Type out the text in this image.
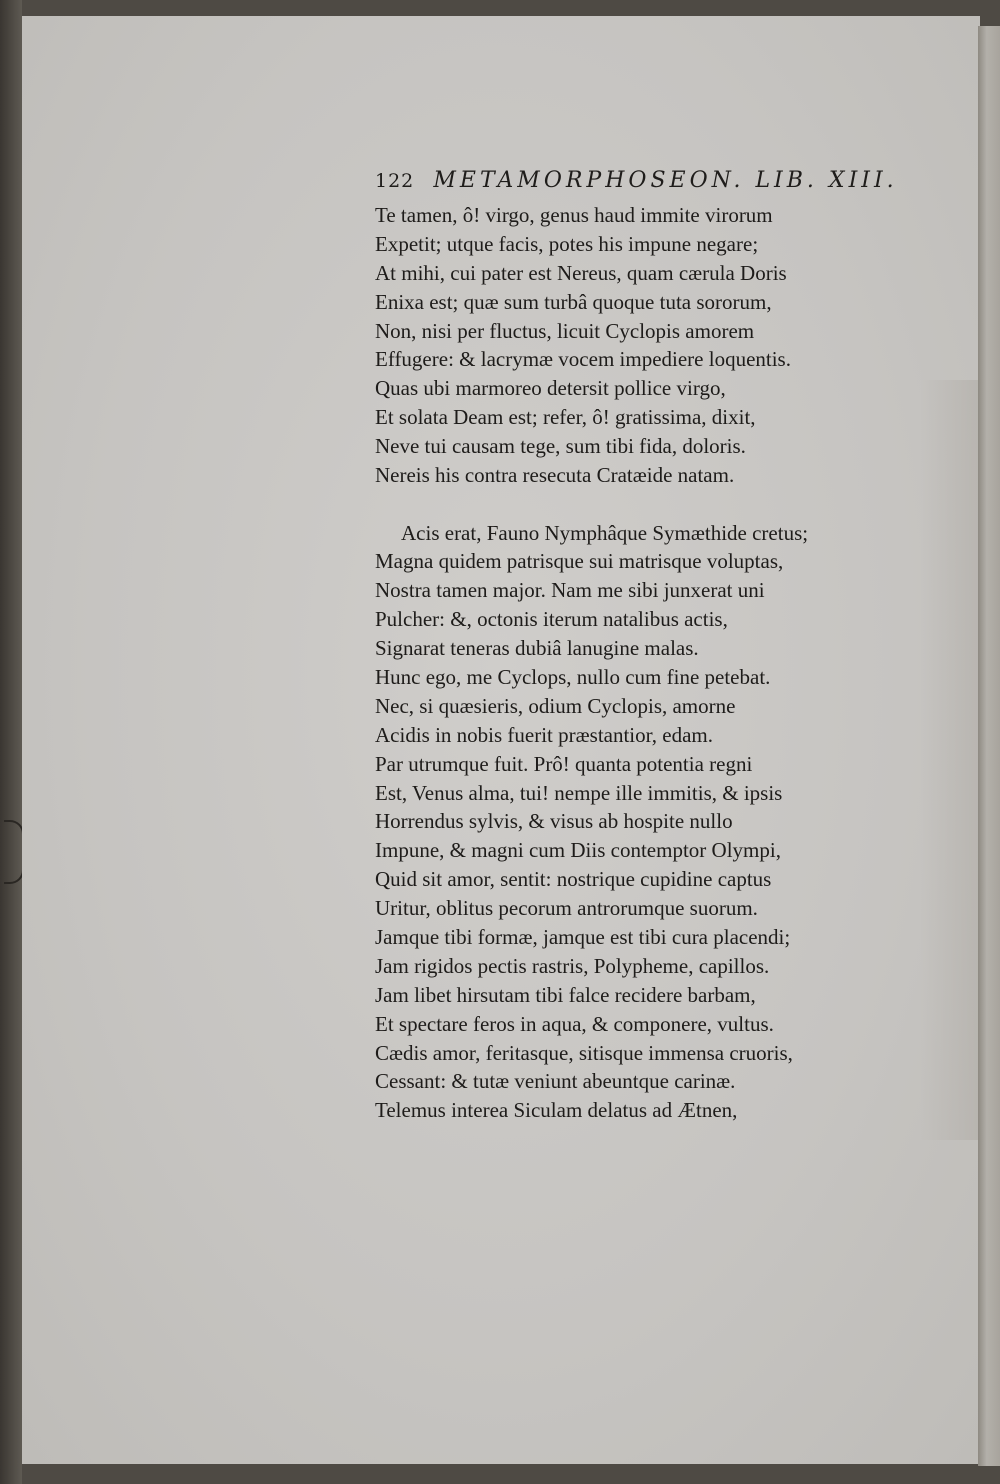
122 METAMORPHOSEON. LIB. XIII.
Te tamen, ô! virgo, genus haud immite virorum
Expetit; utque facis, potes his impune negare;
At mihi, cui pater est Nereus, quam cærula Doris
Enixa est; quæ sum turbâ quoque tuta sororum,
Non, nisi per fluctus, licuit Cyclopis amorem
Effugere: & lacrymæ vocem impediere loquentis.
Quas ubi marmoreo detersit pollice virgo,
Et solata Deam est; refer, ô! gratissima, dixit,
Neve tui causam tege, sum tibi fida, doloris.
Nereis his contra resecuta Cratæide natam.
Acis erat, Fauno Nymphâque Symæthide cretus;
Magna quidem patrisque sui matrisque voluptas,
Nostra tamen major. Nam me sibi junxerat uni
Pulcher: &, octonis iterum natalibus actis,
Signarat teneras dubiâ lanugine malas.
Hunc ego, me Cyclops, nullo cum fine petebat.
Nec, si quæsieris, odium Cyclopis, amorne
Acidis in nobis fuerit præstantior, edam.
Par utrumque fuit. Prô! quanta potentia regni
Est, Venus alma, tui! nempe ille immitis, & ipsis
Horrendus sylvis, & visus ab hospite nullo
Impune, & magni cum Diis contemptor Olympi,
Quid sit amor, sentit: nostrique cupidine captus
Uritur, oblitus pecorum antrorumque suorum.
Jamque tibi formæ, jamque est tibi cura placendi;
Jam rigidos pectis rastris, Polypheme, capillos.
Jam libet hirsutam tibi falce recidere barbam,
Et spectare feros in aqua, & componere, vultus.
Cædis amor, feritasque, sitisque immensa cruoris,
Cessant: & tutæ veniunt abeuntque carinæ.
Telemus interea Siculam delatus ad Ætnen,
